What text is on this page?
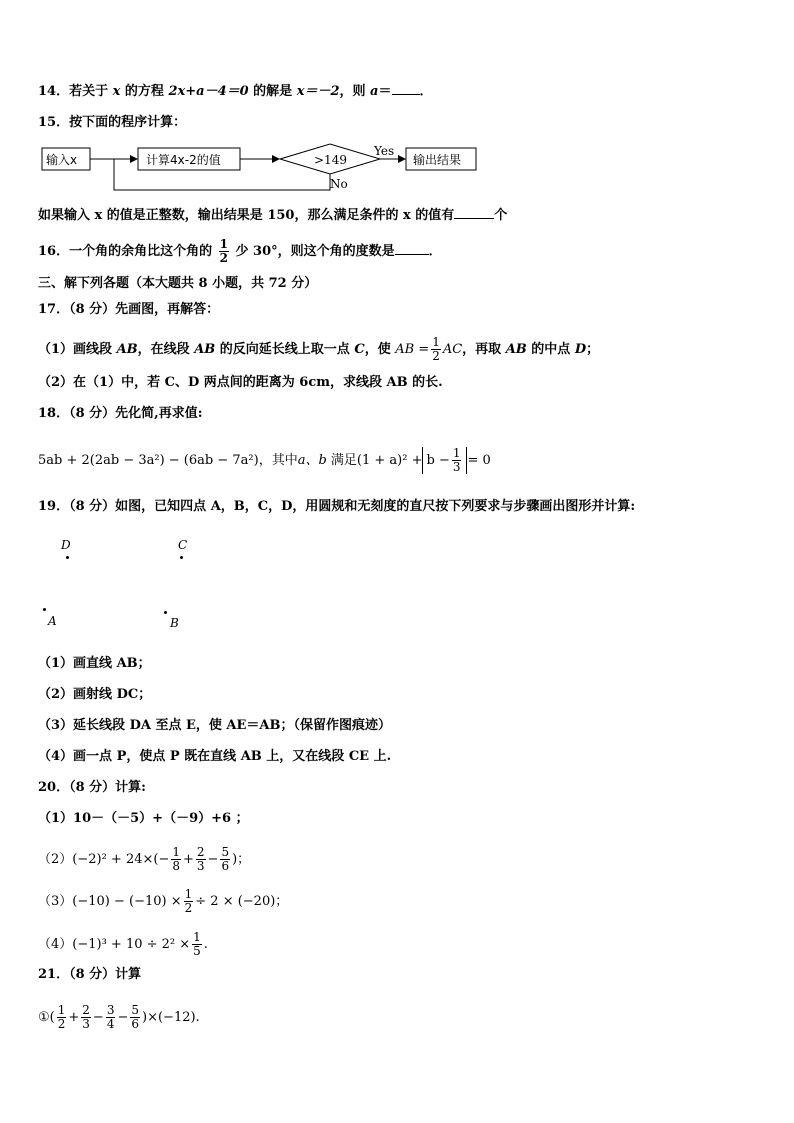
14．若关于 x 的方程 2x+a－4＝0 的解是 x＝－2，则 a＝ ．
15．按下面的程序计算：
输入x	计算4x-2的值	>149
Yes
No
输出结果
如果输入 x 的值是正整数，输出结果是 150，那么满足条件的 x 的值有	个
16．一个角的余角比这个角的 $\frac{1}{2}$ 少 30°，则这个角的度数是	．
三、解下列各题（本大题共 8 小题，共 72 分）
17．（8 分）先画图，再解答：
（1）画线段 AB，在线段 AB 的反向延长线上取一点 C，使 AB = $\frac{1}{2}$ AC，再取 AB 的中点 D；
（2）在（1）中，若 C、D 两点间的距离为 6cm，求线段 AB 的长.
18．（8 分）先化简,再求值:
5ab + 2(2ab − 3a²) − (6ab − 7a²)，其中a、b 满足$(1 + a)^2 + b - \frac{1}{3} = 0$
19．（8 分）如图，已知四点 A，B，C，D，用圆规和无刻度的直尺按下列要求与步骤画出图形并计算:
D	C
A	B
（1）画直线 AB；
（2）画射线 DC；
（3）延长线段 DA 至点 E，使 AE＝AB；（保留作图痕迹）
（4）画一点 P，使点 P 既在直线 AB 上，又在线段 CE 上.
20．（8 分）计算:
（1）10－（－5）+（－9）+6 ；
$(2)(-2)^2 + 24\times(- \frac{1}{8} + \frac{2}{3} - \frac{5}{6}$ )；
$(3)(-10) - (-10) \times \frac{1}{2} \div 2 \times (-20)$；
$(4)(-1)^3 + 10 \div 2^2 \times \frac{1}{5}$ .
21．（8 分）计算
①( $\frac{1}{2} + \frac{2}{3} - \frac{3}{4} - \frac{5}{6} )\times(-12)$.
